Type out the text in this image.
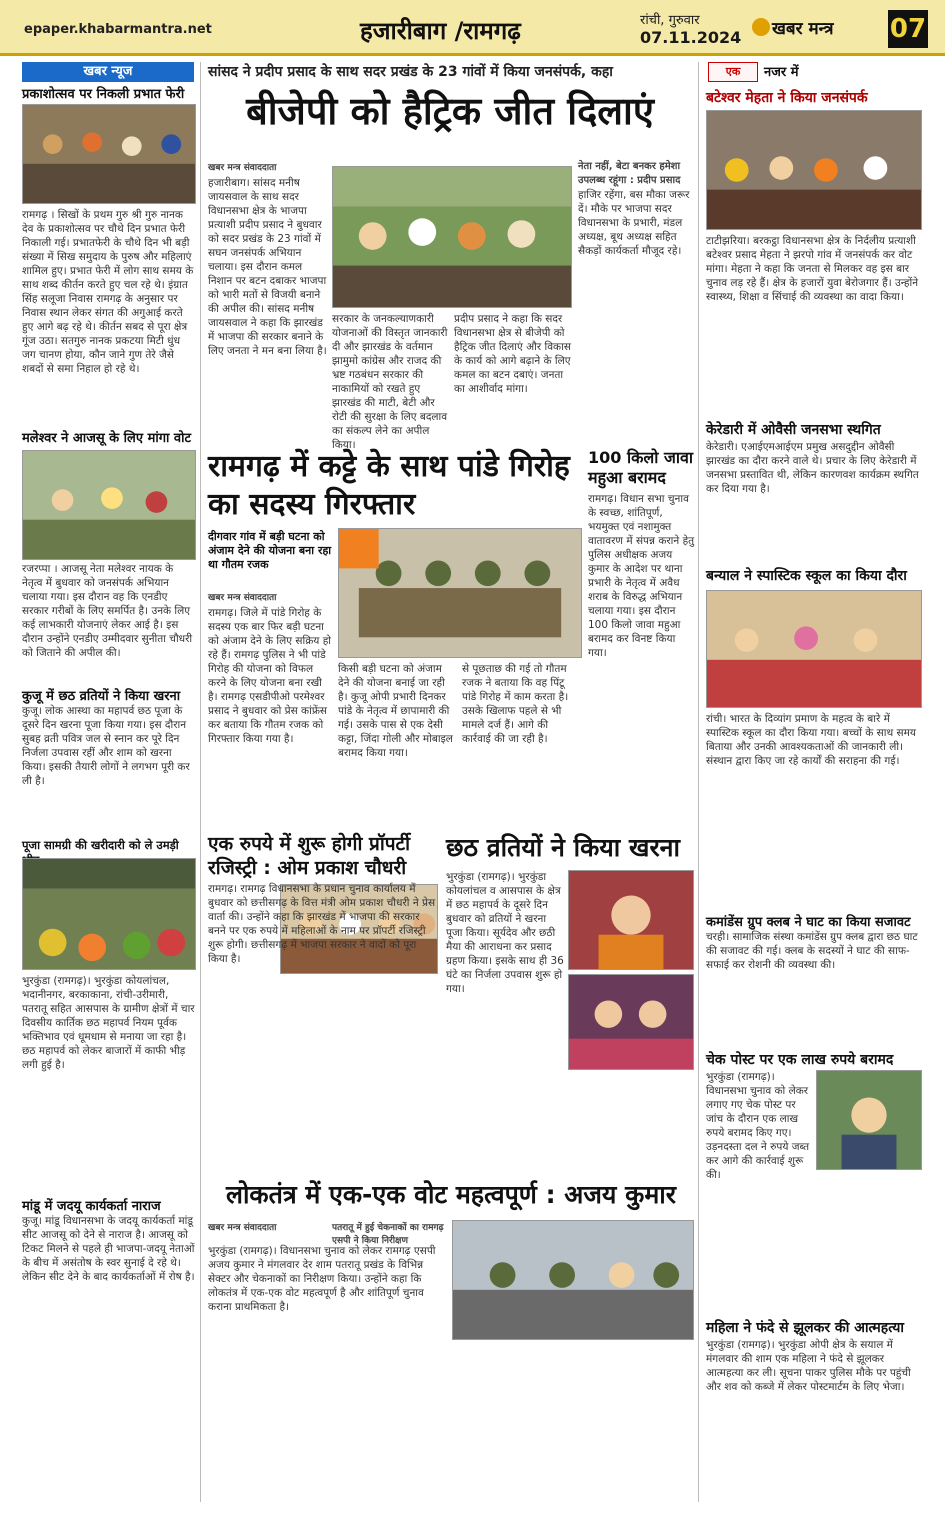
epaper.khabarmantra.net	हजारीबाग /रामगढ़	रांची, गुरुवार
07.11.2024 खबर मन्त्र 07
खबर न्यूज
प्रकाशोत्सव पर निकली प्रभात फेरी
रामगढ़ । सिखों के प्रथम गुरु श्री गुरु नानक देव के प्रकाशोत्सव पर चौथे दिन प्रभात फेरी निकाली गई। प्रभातफेरी के चौथे दिन भी बड़ी संख्या में सिख समुदाय के पुरुष और महिलाएं शामिल हुए। प्रभात फेरी में लोग साथ समय के साथ शब्द कीर्तन करते हुए चल रहे थे। इंग्रात सिंह सलूजा निवास रामगढ़ के अनुसार पर निवास स्थान लेकर संगत की अगुआई करते हुए आगे बढ़ रहे थे। कीर्तन सबद से पूरा क्षेत्र गूंज उठा। सतगुरु नानक प्रकटया मिटी धुंध जग चानण होया, कौन जाने गुण तेरे जैसे शबदों से समा निहाल हो रहे थे।
मलेश्वर ने आजसू के लिए मांगा वोट
रजरप्पा । आजसू नेता मलेश्वर नायक के नेतृत्व में बुधवार को जनसंपर्क अभियान चलाया गया। इस दौरान वह कि एनडीए सरकार गरीबों के लिए समर्पित है। उनके लिए कई लाभकारी योजनाएं लेकर आई है। इस दौरान उन्होंने एनडीए उम्मीदवार सुनीता चौधरी को जिताने की अपील की।
कुजू में छठ व्रतियों ने किया खरना
कुजू। लोक आस्था का महापर्व छठ पूजा के दूसरे दिन खरना पूजा किया गया। इस दौरान सुबह व्रती पवित्र जल से स्नान कर पूरे दिन निर्जला उपवास रहीं और शाम को खरना किया। इसकी तैयारी लोगों ने लगभग पूरी कर ली है।
पूजा सामग्री की खरीदारी को ले उमड़ी
भुरकुंडा (रामगढ़)। भुरकुंडा कोयलांचल, भदानीनगर, बरकाकाना, रांची-उरीमारी, पतरातू सहित आसपास के ग्रामीण क्षेत्रों में चार दिवसीय कार्तिक छठ महापर्व नियम पूर्वक भक्तिभाव एवं धूमधाम से मनाया जा रहा है। छठ महापर्व को लेकर बाजारों में काफी भीड़ लगी हुई है।
मांडू में जदयू कार्यकर्ता नाराज
कुजू। मांडू विधानसभा के जदयू कार्यकर्ता मांडू सीट आजसू को देने से नाराज है। आजसू को टिकट मिलने से पहले ही भाजपा-जदयू नेताओं के बीच में असंतोष के स्वर सुनाई दे रहे थे। लेकिन सीट देने के बाद कार्यकर्ताओं में रोष है।
सांसद ने प्रदीप प्रसाद के साथ सदर प्रखंड के 23 गांवों में किया जनसंपर्क, कहा
बीजेपी को हैट्रिक जीत दिलाएं
खबर मन्त्र संवाददाता	नेता नहीं, बेटा बनकर हमेशा उपलब्ध रहूंगा : प्रदीप प्रसाद
हजारीबाग। सांसद मनीष जायसवाल के साथ सदर विधानसभा क्षेत्र के भाजपा प्रत्याशी प्रदीप प्रसाद ने बुधवार को सदर प्रखंड के 23 गांवों में सघन जनसंपर्क अभियान चलाया। इस दौरान कमल निशान पर बटन दबाकर भाजपा को भारी मतों से विजयी बनाने की अपील की। सांसद मनीष जायसवाल ने कहा कि झारखंड में भाजपा की सरकार बनाने के लिए जनता ने मन बना लिया है।
सरकार के जनकल्याणकारी योजनाओं की विस्तृत जानकारी दी और झारखंड के वर्तमान झामुमो कांग्रेस और राजद की भ्रष्ट गठबंधन सरकार की नाकामियों को रखते हुए झारखंड की माटी, बेटी और रोटी की सुरक्षा के लिए बदलाव का संकल्प लेने का अपील किया।
प्रदीप प्रसाद ने कहा कि सदर विधानसभा क्षेत्र से बीजेपी को हैट्रिक जीत दिलाएं और विकास के कार्य को आगे बढ़ाने के लिए कमल का बटन दबाएं। जनता का आशीर्वाद मांगा।
हाजिर रहेंगा, बस मौका जरूर दें। मौके पर भाजपा सदर विधानसभा के प्रभारी, मंडल अध्यक्ष, बूथ अध्यक्ष सहित सैकड़ों कार्यकर्ता मौजूद रहे।
रामगढ़ में कट्टे के साथ पांडे गिरोह का सदस्य गिरफ्तार
दीगवार गांव में बड़ी घटना को अंजाम देने की योजना बना रहा था गौतम रजक
खबर मन्त्र संवाददाता
रामगढ़। जिले में पांडे गिरोह के सदस्य एक बार फिर बड़ी घटना को अंजाम देने के लिए सक्रिय हो रहे हैं। रामगढ़ पुलिस ने भी पांडे गिरोह की योजना को विफल करने के लिए योजना बना रखी है। रामगढ़ एसडीपीओ परमेश्वर प्रसाद ने बुधवार को प्रेस कांफ्रेंस कर बताया कि गौतम रजक को गिरफ्तार किया गया है।
किसी बड़ी घटना को अंजाम देने की योजना बनाई जा रही है। कुजू ओपी प्रभारी दिनकर पांडे के नेतृत्व में छापामारी की गई। उसके पास से एक देसी कट्टा, जिंदा गोली और मोबाइल बरामद किया गया।
से पूछताछ की गई तो गौतम रजक ने बताया कि वह पिंटू पांडे गिरोह में काम करता है। उसके खिलाफ पहले से भी मामले दर्ज हैं। आगे की कार्रवाई की जा रही है।
100 किलो जावा महुआ बरामद
रामगढ़। विधान सभा चुनाव के स्वच्छ, शांतिपूर्ण, भयमुक्त एवं नशामुक्त वातावरण में संपन्न कराने हेतु पुलिस अधीक्षक अजय कुमार के आदेश पर थाना प्रभारी के नेतृत्व में अवैध शराब के विरुद्ध अभियान चलाया गया। इस दौरान 100 किलो जावा महुआ बरामद कर विनष्ट किया गया।
एक रुपये में शुरू होगी प्रॉपर्टी रजिस्ट्री : ओम प्रकाश चौधरी
रामगढ़। रामगढ़ विधानसभा के प्रधान चुनाव कार्यालय में बुधवार को छत्तीसगढ़ के वित्त मंत्री ओम प्रकाश चौधरी ने प्रेस वार्ता की। उन्होंने कहा कि झारखंड में भाजपा की सरकार बनने पर एक रुपये में महिलाओं के नाम पर प्रॉपर्टी रजिस्ट्री शुरू होगी। छत्तीसगढ़ में भाजपा सरकार ने वादों को पूरा किया है।
छठ व्रतियों ने किया खरना
भुरकुंडा (रामगढ़)। भुरकुंडा कोयलांचल व आसपास के क्षेत्र में छठ महापर्व के दूसरे दिन बुधवार को व्रतियों ने खरना पूजा किया। सूर्यदेव और छठी मैया की आराधना कर प्रसाद ग्रहण किया। इसके साथ ही 36 घंटे का निर्जला उपवास शुरू हो गया।
लोकतंत्र में एक-एक वोट महत्वपूर्ण : अजय कुमार
खबर मन्त्र संवाददाता	पतरातू में हुई चेकनाकों का रामगढ़ एसपी ने किया निरीक्षण
भुरकुंडा (रामगढ़)। विधानसभा चुनाव को लेकर रामगढ़ एसपी अजय कुमार ने मंगलवार देर शाम पतरातू प्रखंड के विभिन्न सेक्टर और चेकनाकों का निरीक्षण किया। उन्होंने कहा कि लोकतंत्र में एक-एक वोट महत्वपूर्ण है और शांतिपूर्ण चुनाव कराना प्राथमिकता है।
एक	नजर में
बटेश्वर मेहता ने किया जनसंपर्क
टाटीझरिया। बरकट्ठा विधानसभा क्षेत्र के निर्दलीय प्रत्याशी बटेश्वर प्रसाद मेहता ने झरपो गांव में जनसंपर्क कर वोट मांगा। मेहता ने कहा कि जनता से मिलकर वह इस बार चुनाव लड़ रहे हैं। क्षेत्र के हजारों युवा बेरोजगार हैं। उन्होंने स्वास्थ्य, शिक्षा व सिंचाई की व्यवस्था का वादा किया।
केरेडारी में ओवैसी जनसभा स्थगित
केरेडारी। एआईएमआईएम प्रमुख असदुद्दीन ओवैसी झारखंड का दौरा करने वाले थे। प्रचार के लिए केरेडारी में जनसभा प्रस्तावित थी, लेकिन कारणवश कार्यक्रम स्थगित कर दिया गया है।
बन्याल ने स्पास्टिक स्कूल का किया दौरा
रांची। भारत के दिव्यांग प्रमाण के महत्व के बारे में स्पास्टिक स्कूल का दौरा किया गया। बच्चों के साथ समय बिताया और उनकी आवश्यकताओं की जानकारी ली। संस्थान द्वारा किए जा रहे कार्यों की सराहना की गई।
कमांडेंस ग्रुप क्लब ने घाट का किया सजावट
चरही। सामाजिक संस्था कमांडेंस ग्रुप क्लब द्वारा छठ घाट की सजावट की गई। क्लब के सदस्यों ने घाट की साफ-सफाई कर रोशनी की व्यवस्था की।
चेक पोस्ट पर एक लाख रुपये बरामद
भुरकुंडा (रामगढ़)। विधानसभा चुनाव को लेकर लगाए गए चेक पोस्ट पर जांच के दौरान एक लाख रुपये बरामद किए गए। उड़नदस्ता दल ने रुपये जब्त कर आगे की कार्रवाई शुरू की।
महिला ने फंदे से झूलकर की आत्महत्या
भुरकुंडा (रामगढ़)। भुरकुंडा ओपी क्षेत्र के सयाल में मंगलवार की शाम एक महिला ने फंदे से झूलकर आत्महत्या कर ली। सूचना पाकर पुलिस मौके पर पहुंची और शव को कब्जे में लेकर पोस्टमार्टम के लिए भेजा।
